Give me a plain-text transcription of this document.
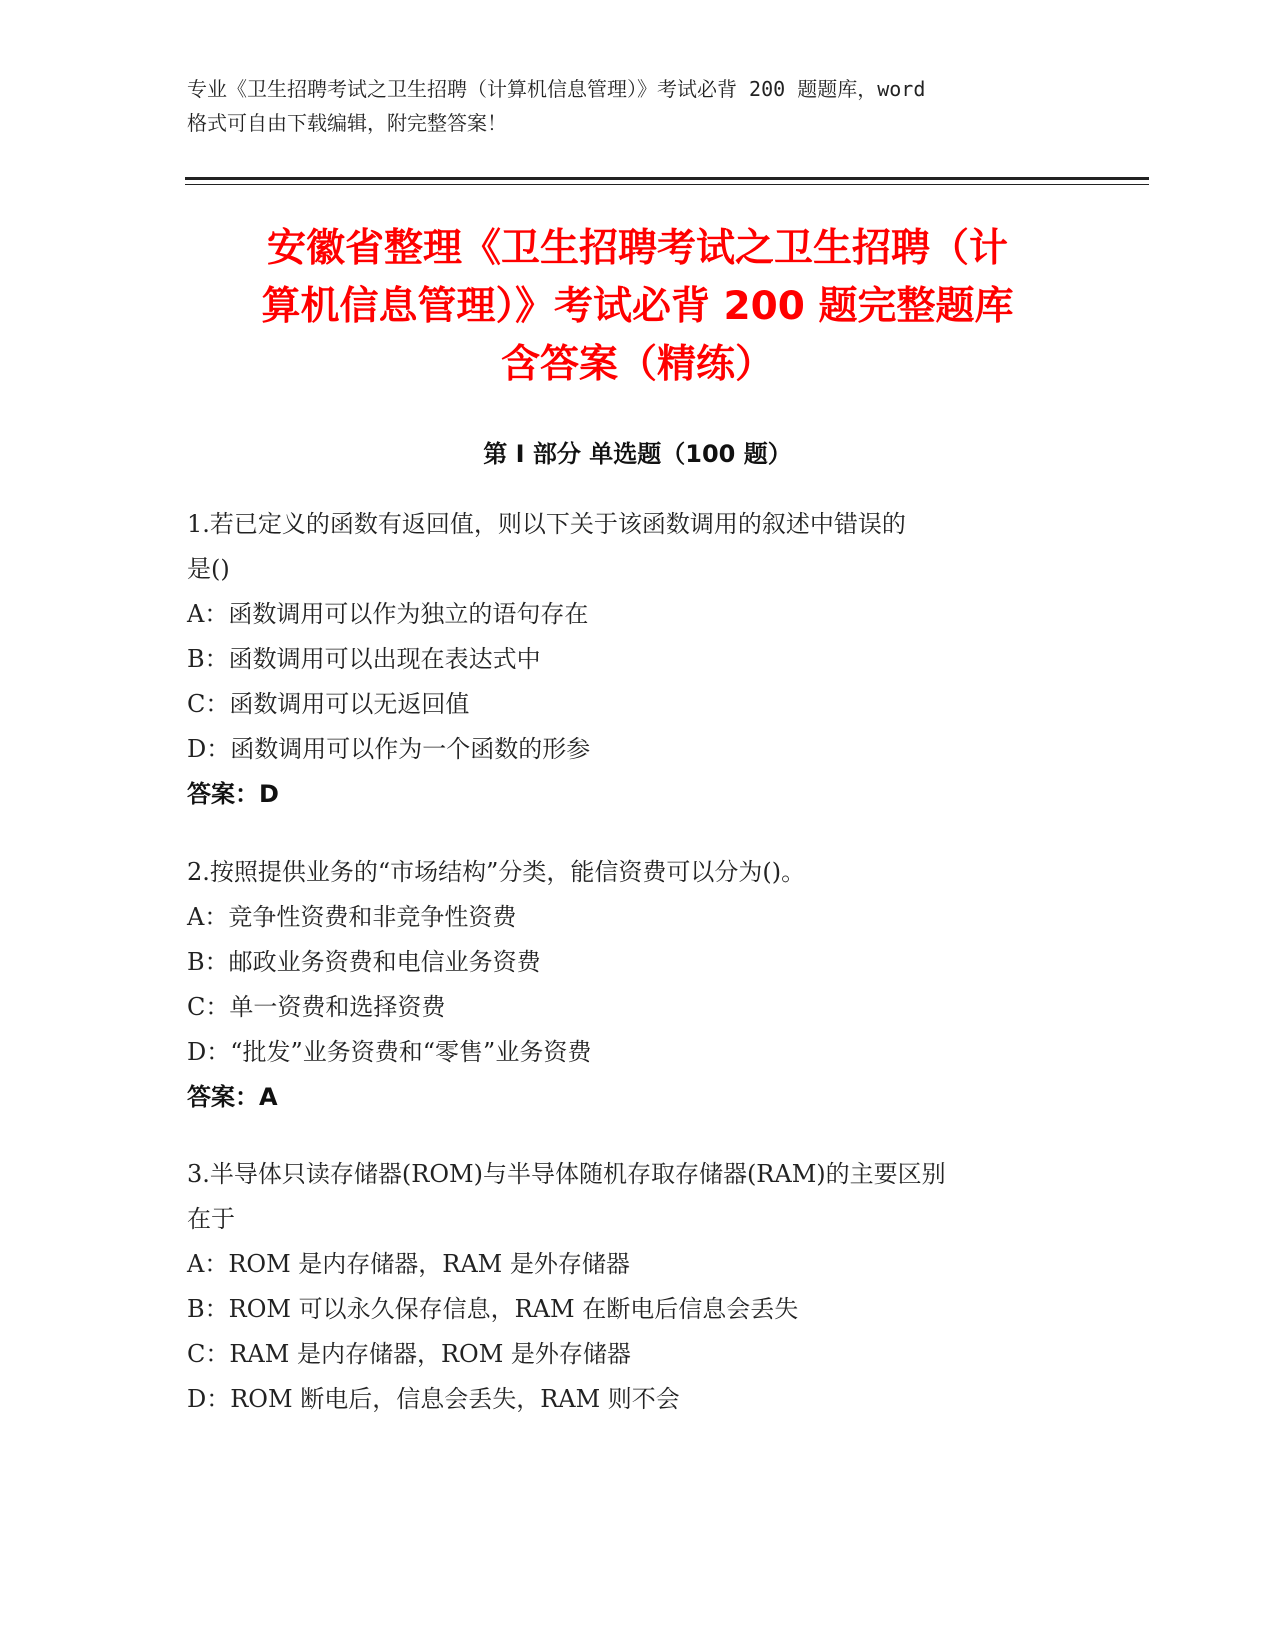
专业《卫生招聘考试之卫生招聘（计算机信息管理）》考试必背 200 题题库，word
格式可自由下载编辑，附完整答案！
安徽省整理《卫生招聘考试之卫生招聘（计
算机信息管理）》考试必背 200 题完整题库
含答案（精练）
第 I 部分 单选题（100 题）
1.若已定义的函数有返回值，则以下关于该函数调用的叙述中错误的
是()
A：函数调用可以作为独立的语句存在
B：函数调用可以出现在表达式中
C：函数调用可以无返回值
D：函数调用可以作为一个函数的形参
答案：D
2.按照提供业务的“市场结构”分类，能信资费可以分为()。
A：竞争性资费和非竞争性资费
B：邮政业务资费和电信业务资费
C：单一资费和选择资费
D：“批发”业务资费和“零售”业务资费
答案：A
3.半导体只读存储器(ROM)与半导体随机存取存储器(RAM)的主要区别
在于
A：ROM 是内存储器，RAM 是外存储器
B：ROM 可以永久保存信息，RAM 在断电后信息会丢失
C：RAM 是内存储器，ROM 是外存储器
D：ROM 断电后，信息会丢失，RAM 则不会
